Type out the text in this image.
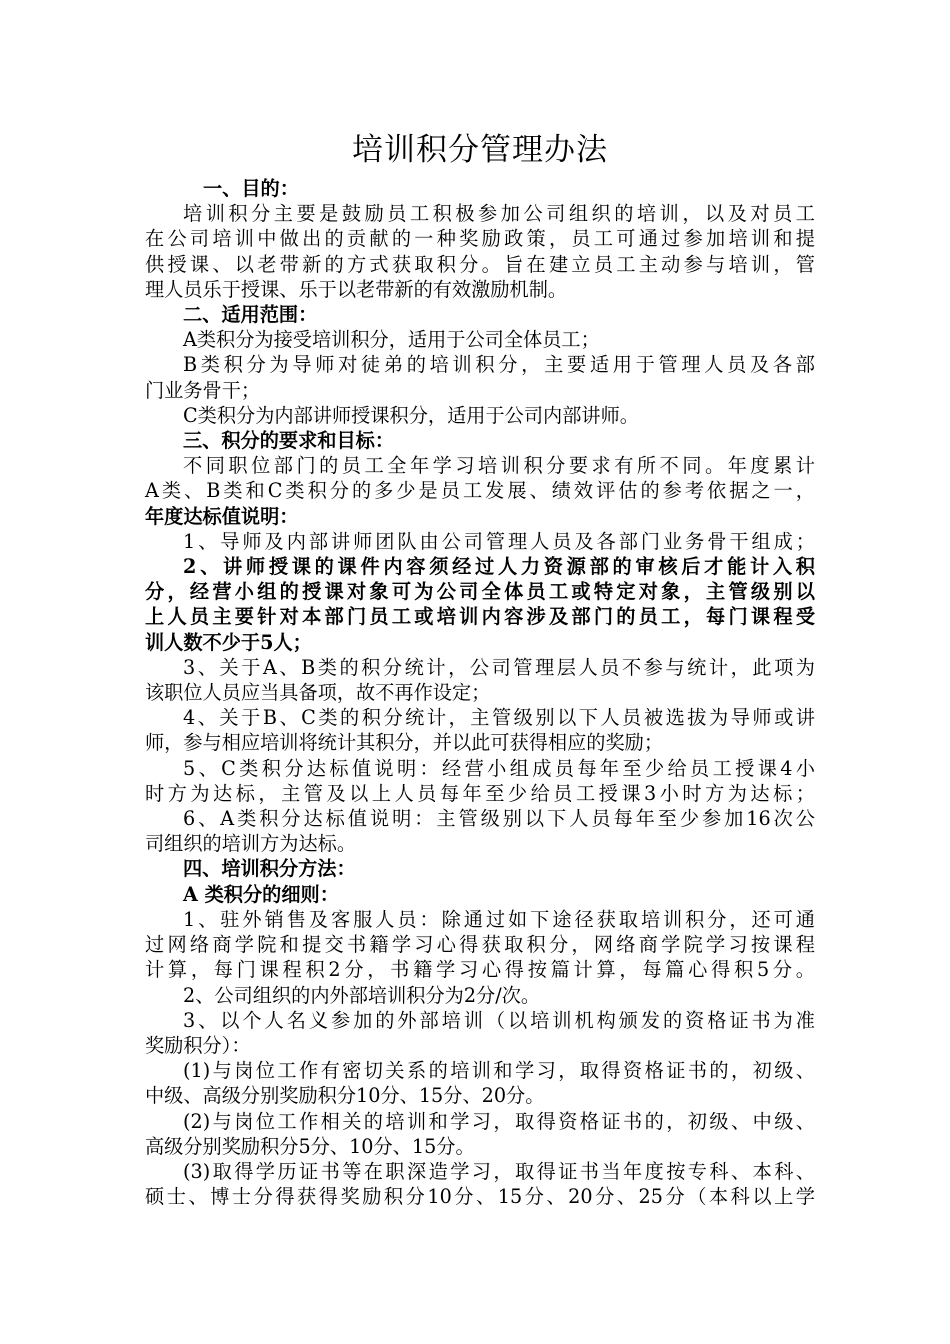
培训积分管理办法

一、目的：

培训积分主要是鼓励员工积极参加公司组织的培训，以及对员工

在公司培训中做出的贡献的一种奖励政策，员工可通过参加培训和提

供授课、以老带新的方式获取积分。旨在建立员工主动参与培训，管

理人员乐于授课、乐于以老带新的有效激励机制。

二、适用范围：

A类积分为接受培训积分，适用于公司全体员工；

B类积分为导师对徒弟的培训积分，主要适用于管理人员及各部

门业务骨干；

C类积分为内部讲师授课积分，适用于公司内部讲师。

三、积分的要求和目标：

不同职位部门的员工全年学习培训积分要求有所不同。年度累计

A类、B类和C类积分的多少是员工发展、绩效评估的参考依据之一，

年度达标值说明：

1、导师及内部讲师团队由公司管理人员及各部门业务骨干组成；

2、讲师授课的课件内容须经过人力资源部的审核后才能计入积

分，经营小组的授课对象可为公司全体员工或特定对象，主管级别以

上人员主要针对本部门员工或培训内容涉及部门的员工，每门课程受

训人数不少于5人；

3、关于A、B类的积分统计，公司管理层人员不参与统计，此项为

该职位人员应当具备项，故不再作设定；

4、关于B、C类的积分统计，主管级别以下人员被选拔为导师或讲

师，参与相应培训将统计其积分，并以此可获得相应的奖励；

5、C类积分达标值说明：经营小组成员每年至少给员工授课4小

时方为达标，主管及以上人员每年至少给员工授课3小时方为达标；

6、A类积分达标值说明：主管级别以下人员每年至少参加16次公

司组织的培训方为达标。

四、培训积分方法：

A 类积分的细则：

1、驻外销售及客服人员：除通过如下途径获取培训积分，还可通

过网络商学院和提交书籍学习心得获取积分，网络商学院学习按课程

计算，每门课程积2分，书籍学习心得按篇计算，每篇心得积5分。

2、公司组织的内外部培训积分为2分/次。

3、以个人名义参加的外部培训（以培训机构颁发的资格证书为准

奖励积分）：

(1)与岗位工作有密切关系的培训和学习，取得资格证书的，初级、

中级、高级分别奖励积分10分、15分、20分。

(2)与岗位工作相关的培训和学习，取得资格证书的，初级、中级、

高级分别奖励积分5分、10分、15分。

(3)取得学历证书等在职深造学习，取得证书当年度按专科、本科、

硕士、博士分得获得奖励积分10分、15分、20分、25分（本科以上学
